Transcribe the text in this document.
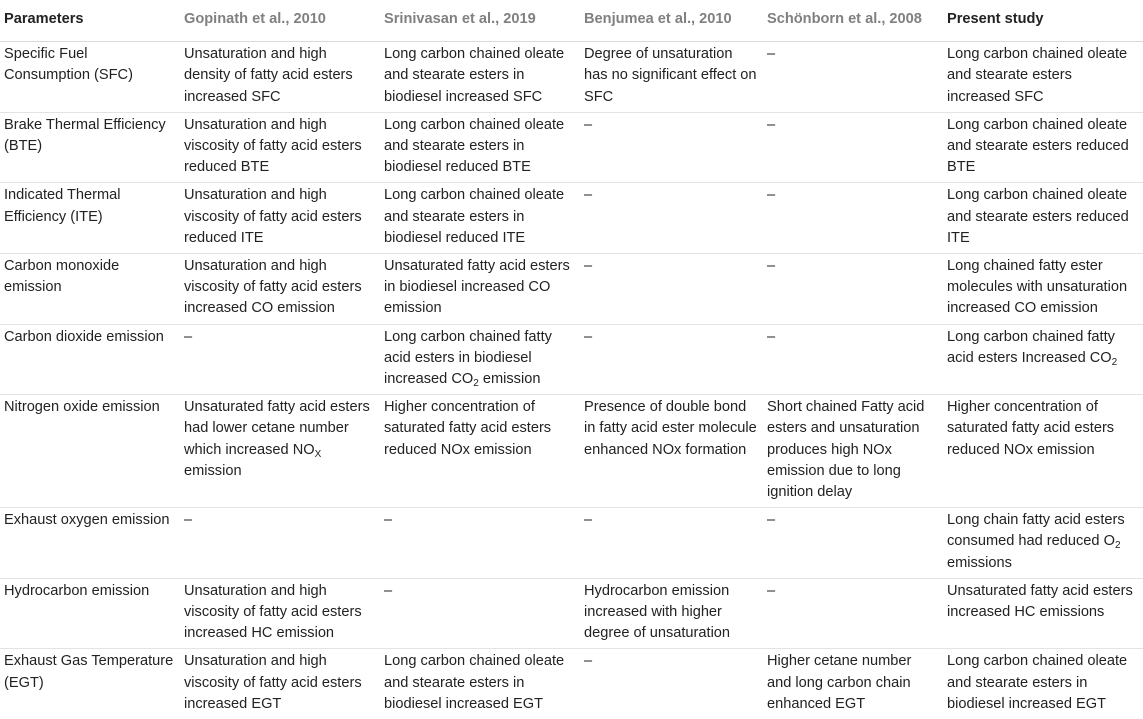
Parameters	Gopinath et al., 2010	Srinivasan et al., 2019	Benjumea et al., 2010	Schönborn et al., 2008	Present study
Specific Fuel Consumption (SFC)	Unsaturation and high density of fatty acid esters increased SFC	Long carbon chained oleate and stearate esters in biodiesel increased SFC	Degree of unsaturation has no significant effect on SFC	–	Long carbon chained oleate and stearate esters increased SFC
Brake Thermal Efficiency (BTE)	Unsaturation and high viscosity of fatty acid esters reduced BTE	Long carbon chained oleate and stearate esters in biodiesel reduced BTE	–	–	Long carbon chained oleate and stearate esters reduced BTE
Indicated Thermal Efficiency (ITE)	Unsaturation and high viscosity of fatty acid esters reduced ITE	Long carbon chained oleate and stearate esters in biodiesel reduced ITE	–	–	Long carbon chained oleate and stearate esters reduced ITE
Carbon monoxide emission	Unsaturation and high viscosity of fatty acid esters increased CO emission	Unsaturated fatty acid esters in biodiesel increased CO emission	–	–	Long chained fatty ester molecules with unsaturation increased CO emission
Carbon dioxide emission	–	Long carbon chained fatty acid esters in biodiesel increased $CO_2$ emission	–	–	Long carbon chained fatty acid esters Increased $CO_2$
Nitrogen oxide emission	Unsaturated fatty acid esters had lower cetane number which increased $NO_X$ emission	Higher concentration of saturated fatty acid esters reduced NOx emission	Presence of double bond in fatty acid ester molecule enhanced NOx formation	Short chained Fatty acid esters and unsaturation produces high NOx emission due to long ignition delay	Higher concentration of saturated fatty acid esters reduced NOx emission
Exhaust oxygen emission	–	–	–	–	Long chain fatty acid esters consumed had reduced $O_2$ emissions
Hydrocarbon emission	Unsaturation and high viscosity of fatty acid esters increased HC emission	–	Hydrocarbon emission increased with higher degree of unsaturation	–	Unsaturated fatty acid esters increased HC emissions
Exhaust Gas Temperature (EGT)	Unsaturation and high viscosity of fatty acid esters increased EGT	Long carbon chained oleate and stearate esters in biodiesel increased EGT	–	Higher cetane number and long carbon chain enhanced EGT	Long carbon chained oleate and stearate esters in biodiesel increased EGT
